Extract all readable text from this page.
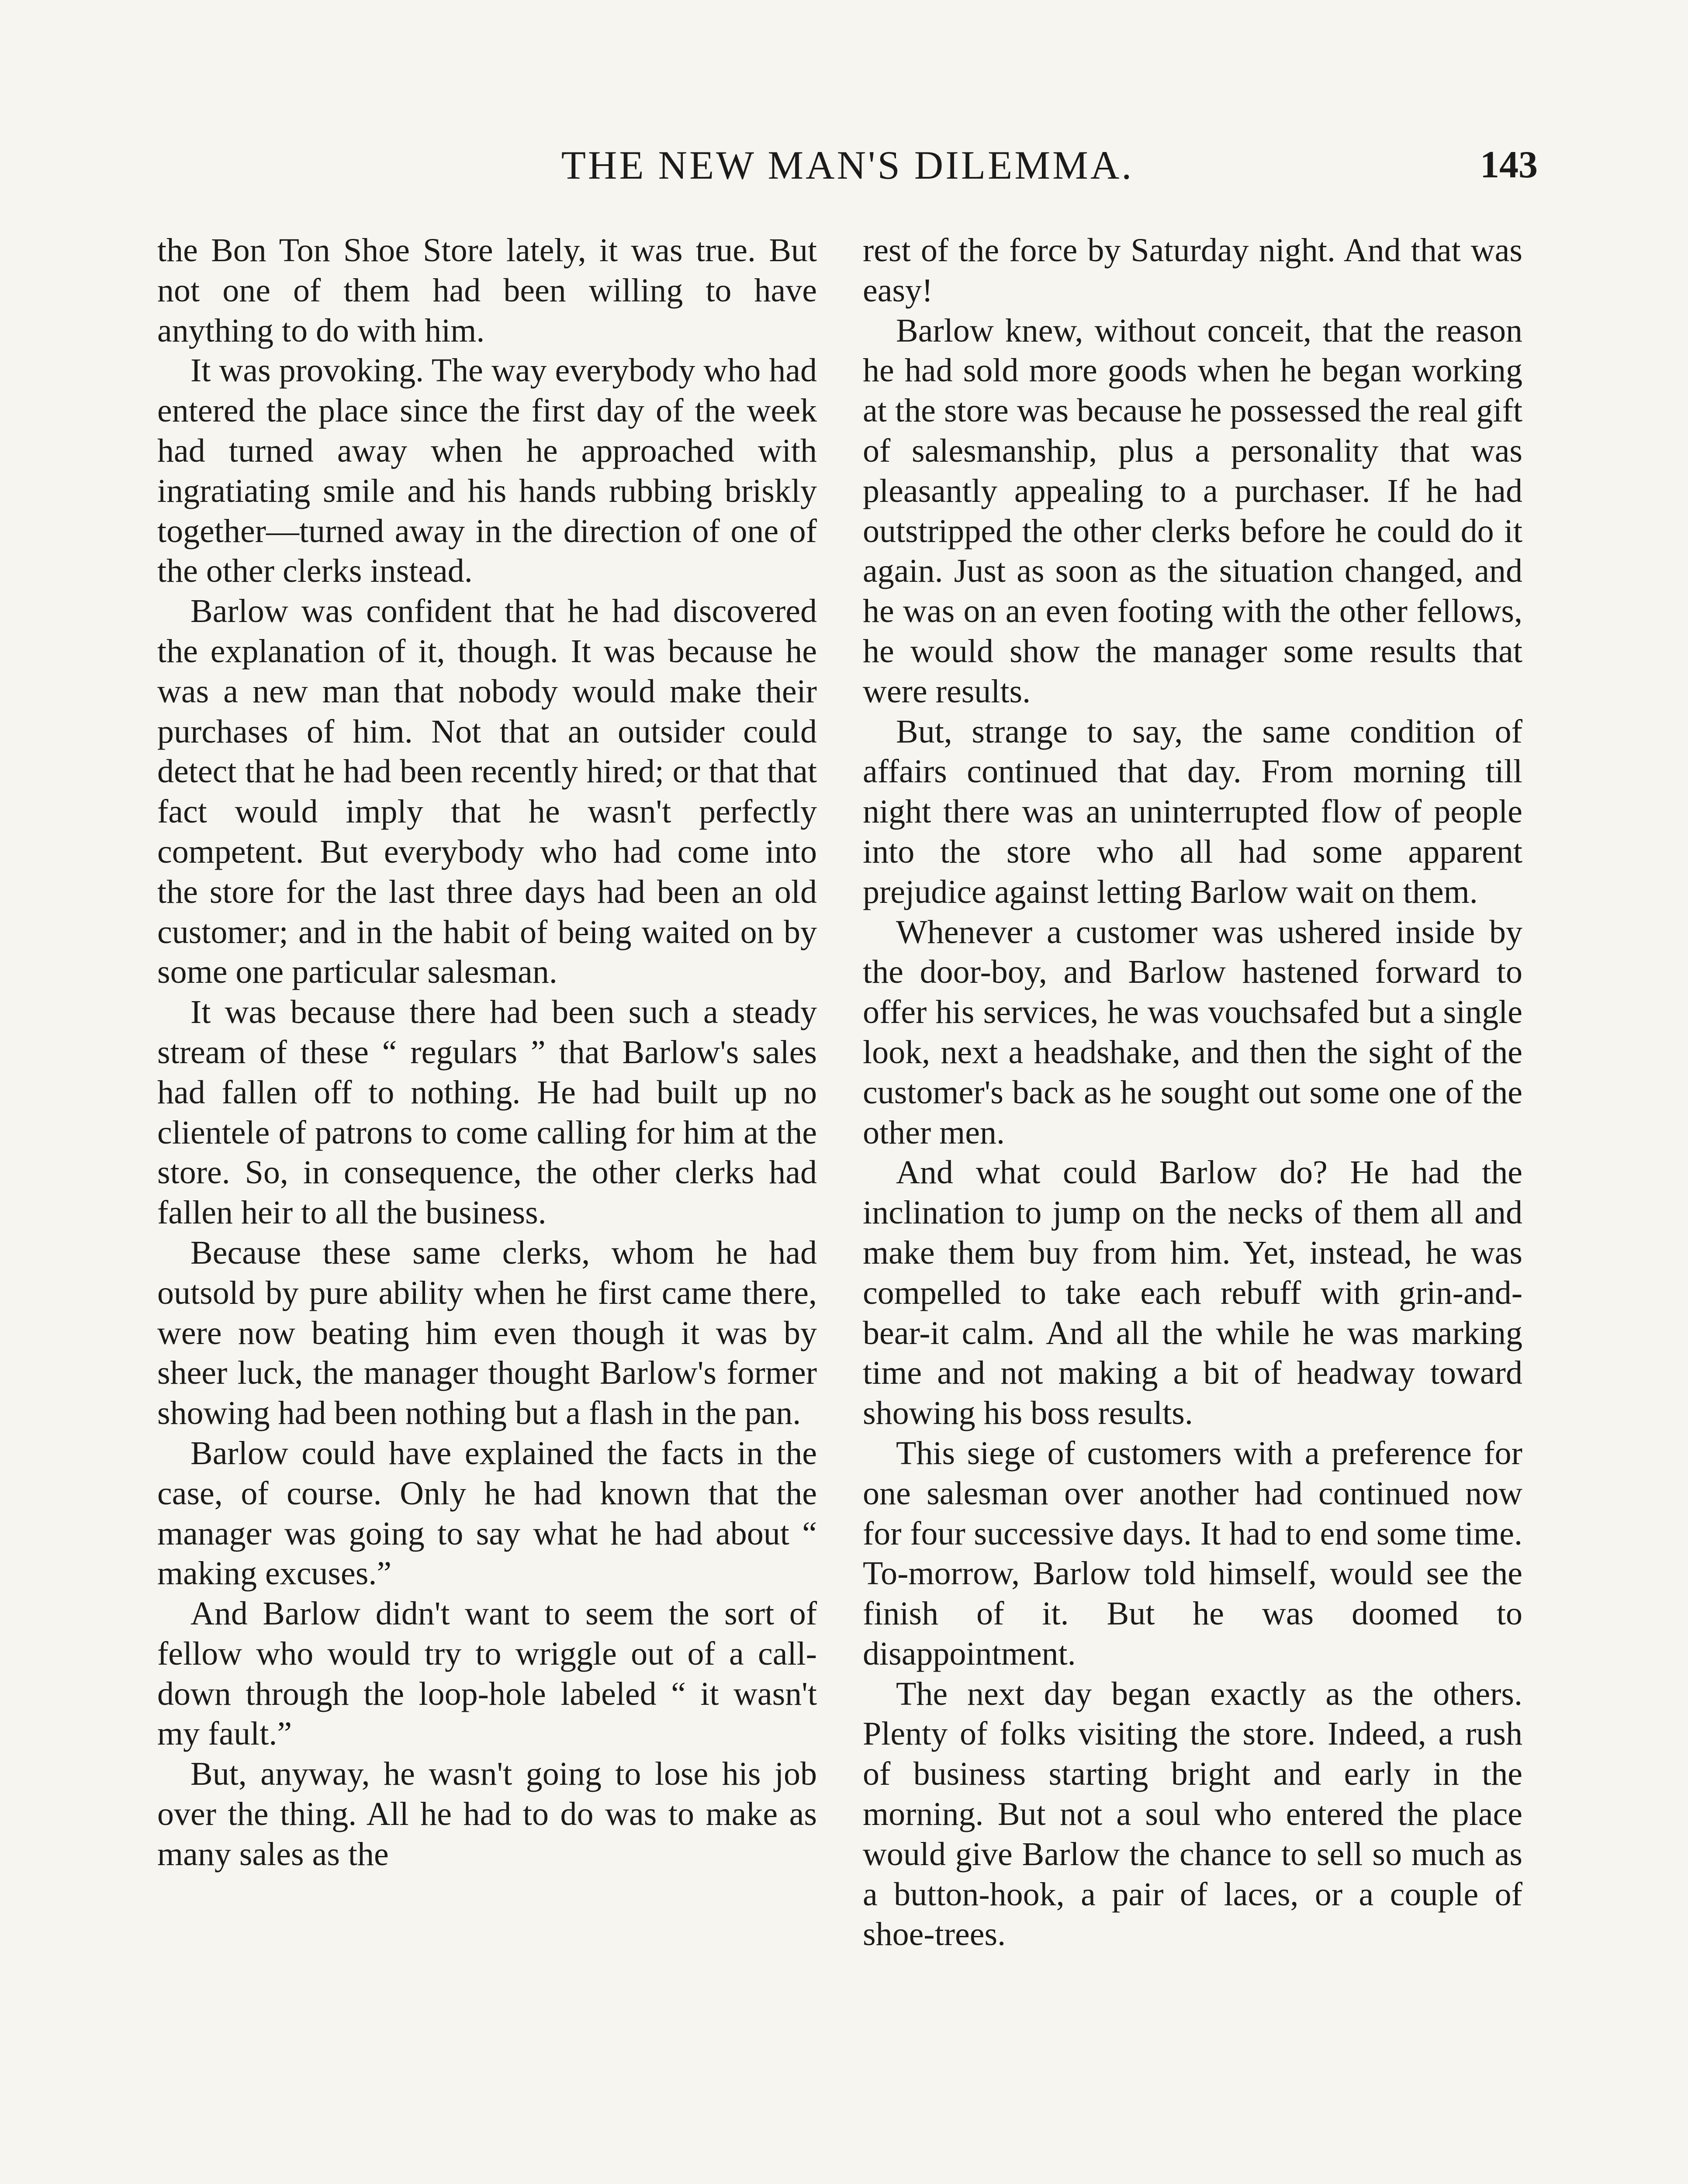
THE NEW MAN'S DILEMMA.	143

the Bon Ton Shoe Store lately, it was true. But not one of them had been willing to have anything to do with him.

It was provoking. The way everybody who had entered the place since the first day of the week had turned away when he approached with ingratiating smile and his hands rubbing briskly together—turned away in the direction of one of the other clerks instead.

Barlow was confident that he had discovered the explanation of it, though. It was because he was a new man that nobody would make their purchases of him. Not that an outsider could detect that he had been recently hired; or that that fact would imply that he wasn't perfectly competent. But everybody who had come into the store for the last three days had been an old customer; and in the habit of being waited on by some one particular salesman.

It was because there had been such a steady stream of these “ regulars ” that Barlow's sales had fallen off to nothing. He had built up no clientele of patrons to come calling for him at the store. So, in consequence, the other clerks had fallen heir to all the business.

Because these same clerks, whom he had outsold by pure ability when he first came there, were now beating him even though it was by sheer luck, the manager thought Barlow's former showing had been nothing but a flash in the pan.

Barlow could have explained the facts in the case, of course. Only he had known that the manager was going to say what he had about “ making excuses.”

And Barlow didn't want to seem the sort of fellow who would try to wriggle out of a call-down through the loop-hole labeled “ it wasn't my fault.”

But, anyway, he wasn't going to lose his job over the thing. All he had to do was to make as many sales as the

rest of the force by Saturday night. And that was easy!

Barlow knew, without conceit, that the reason he had sold more goods when he began working at the store was because he possessed the real gift of salesmanship, plus a personality that was pleasantly appealing to a purchaser. If he had outstripped the other clerks before he could do it again. Just as soon as the situation changed, and he was on an even footing with the other fellows, he would show the manager some results that were results.

But, strange to say, the same condition of affairs continued that day. From morning till night there was an uninterrupted flow of people into the store who all had some apparent prejudice against letting Barlow wait on them.

Whenever a customer was ushered inside by the door-boy, and Barlow hastened forward to offer his services, he was vouchsafed but a single look, next a headshake, and then the sight of the customer's back as he sought out some one of the other men.

And what could Barlow do? He had the inclination to jump on the necks of them all and make them buy from him. Yet, instead, he was compelled to take each rebuff with grin-and-bear-it calm. And all the while he was marking time and not making a bit of headway toward showing his boss results.

This siege of customers with a preference for one salesman over another had continued now for four successive days. It had to end some time. To-morrow, Barlow told himself, would see the finish of it. But he was doomed to disappointment.

The next day began exactly as the others. Plenty of folks visiting the store. Indeed, a rush of business starting bright and early in the morning. But not a soul who entered the place would give Barlow the chance to sell so much as a button-hook, a pair of laces, or a couple of shoe-trees.
